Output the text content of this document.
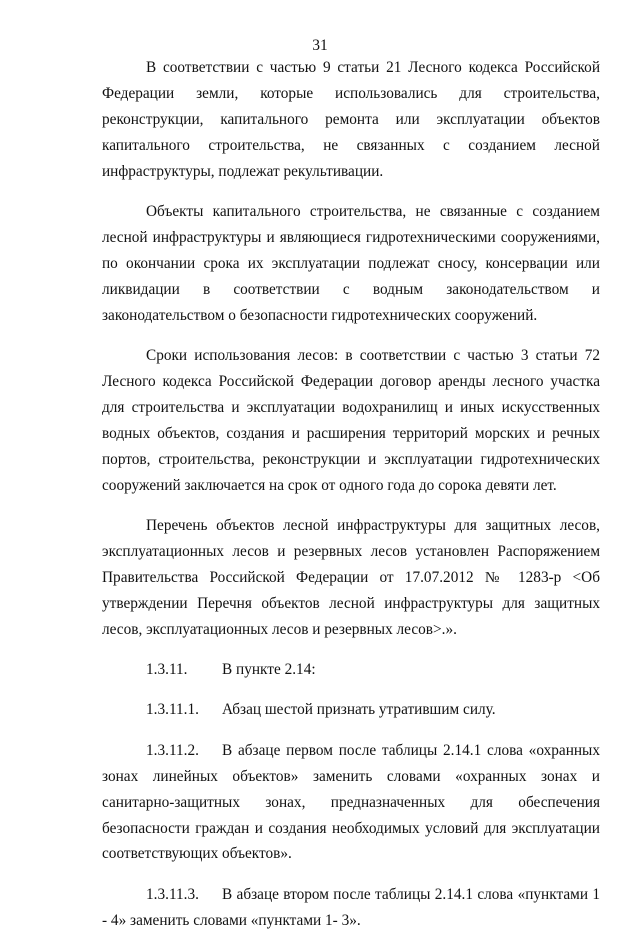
31

В соответствии с частью 9 статьи 21 Лесного кодекса Российской Федерации земли, которые использовались для строительства, реконструкции, капитального ремонта или эксплуатации объектов капитального строительства, не связанных с созданием лесной инфраструктуры, подлежат рекультивации.

Объекты капитального строительства, не связанные с созданием лесной инфраструктуры и являющиеся гидротехническими сооружениями, по окончании срока их эксплуатации подлежат сносу, консервации или ликвидации в соответствии с водным законодательством и законодательством о безопасности гидротехнических сооружений.

Сроки использования лесов: в соответствии с частью 3 статьи 72 Лесного кодекса Российской Федерации договор аренды лесного участка для строительства и эксплуатации водохранилищ и иных искусственных водных объектов, создания и расширения территорий морских и речных портов, строительства, реконструкции и эксплуатации гидротехнических сооружений заключается на срок от одного года до сорока девяти лет.

Перечень объектов лесной инфраструктуры для защитных лесов, эксплуатационных лесов и резервных лесов установлен Распоряжением Правительства Российской Федерации от 17.07.2012 № 1283-р <Об утверждении Перечня объектов лесной инфраструктуры для защитных лесов, эксплуатационных лесов и резервных лесов>.».

1.3.11. В пункте 2.14:

1.3.11.1. Абзац шестой признать утратившим силу.

1.3.11.2. В абзаце первом после таблицы 2.14.1 слова «охранных зонах линейных объектов» заменить словами «охранных зонах и санитарно-защитных зонах, предназначенных для обеспечения безопасности граждан и создания необходимых условий для эксплуатации соответствующих объектов».

1.3.11.3. В абзаце втором после таблицы 2.14.1 слова «пунктами 1 - 4» заменить словами «пунктами 1- 3».
